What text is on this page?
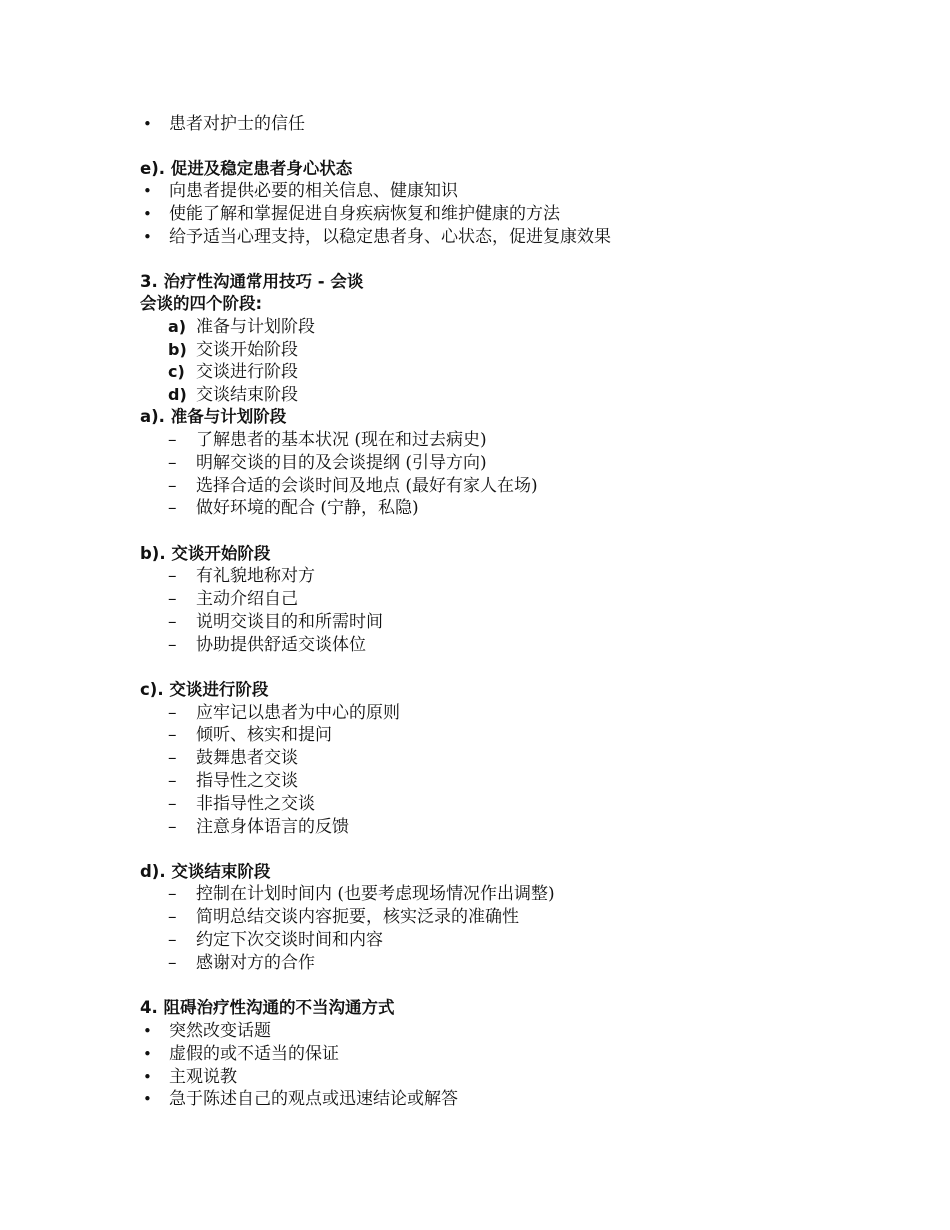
• 患者对护士的信任
e). 促进及稳定患者身心状态
• 向患者提供必要的相关信息、健康知识
• 使能了解和掌握促进自身疾病恢复和维护健康的方法
• 给予适当心理支持，以稳定患者身、心状态，促进复康效果
3. 治疗性沟通常用技巧 - 会谈
会谈的四个阶段:
a) 准备与计划阶段
b) 交谈开始阶段
c) 交谈进行阶段
d) 交谈结束阶段
a). 准备与计划阶段
– 了解患者的基本状况 (现在和过去病史)
– 明解交谈的目的及会谈提纲 (引导方向)
– 选择合适的会谈时间及地点 (最好有家人在场)
– 做好环境的配合 (宁静，私隐)
b). 交谈开始阶段
– 有礼貌地称对方
– 主动介绍自己
– 说明交谈目的和所需时间
– 协助提供舒适交谈体位
c). 交谈进行阶段
– 应牢记以患者为中心的原则
– 倾听、核实和提问
– 鼓舞患者交谈
– 指导性之交谈
– 非指导性之交谈
– 注意身体语言的反馈
d). 交谈结束阶段
– 控制在计划时间内 (也要考虑现场情况作出调整)
– 简明总结交谈内容扼要，核实泛录的准确性
– 约定下次交谈时间和内容
– 感谢对方的合作
4. 阻碍治疗性沟通的不当沟通方式
• 突然改变话题
• 虚假的或不适当的保证
• 主观说教
• 急于陈述自己的观点或迅速结论或解答
